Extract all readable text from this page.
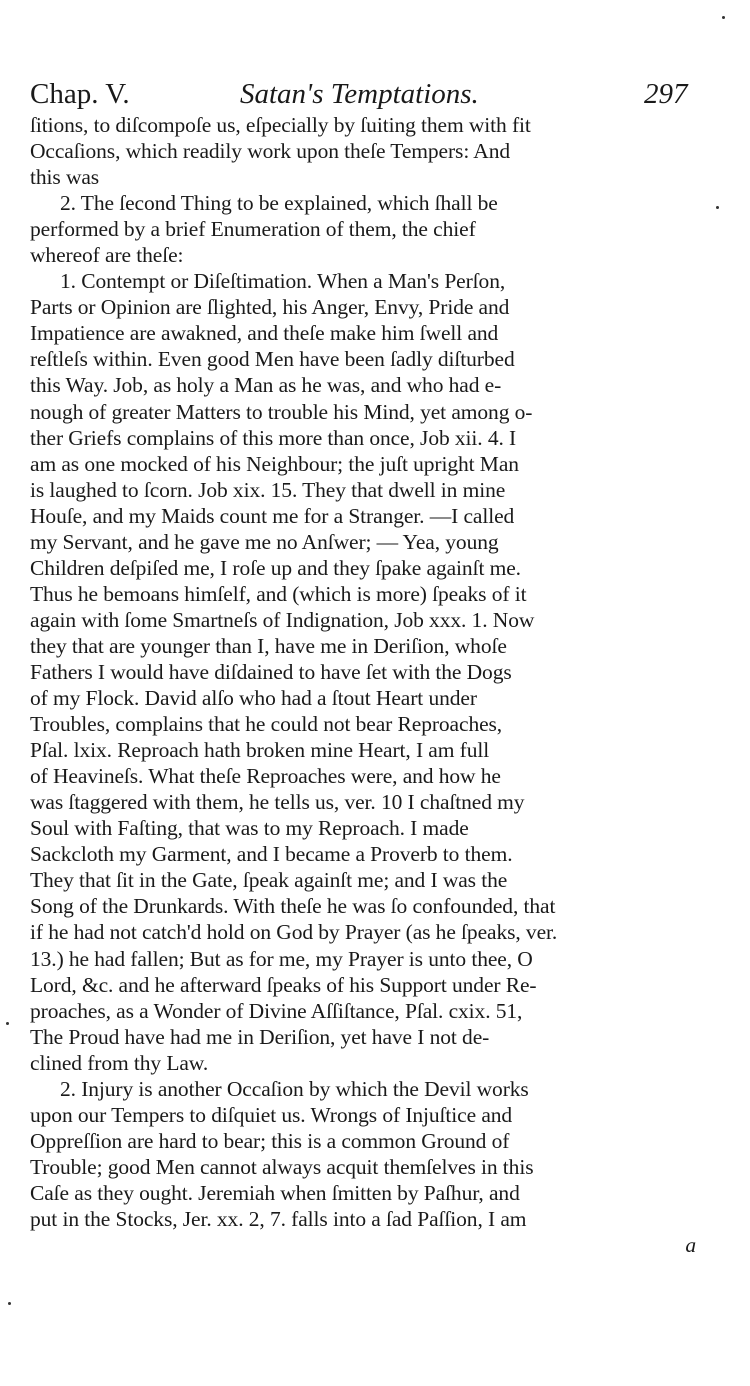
Chap. V.	Satan's Temptations.	297
ſitions, to diſcompoſe us, eſpecially by ſuiting them with fit
Occaſions, which readily work upon theſe Tempers: And
this was
2. The ſecond Thing to be explained, which ſhall be
performed by a brief Enumeration of them, the chief
whereof are theſe:
1. Contempt or Diſeſtimation. When a Man's Perſon,
Parts or Opinion are ſlighted, his Anger, Envy, Pride and
Impatience are awakned, and theſe make him ſwell and
reſtleſs within. Even good Men have been ſadly diſturbed
this Way. Job, as holy a Man as he was, and who had e-
nough of greater Matters to trouble his Mind, yet among o-
ther Griefs complains of this more than once, Job xii. 4. I
am as one mocked of his Neighbour; the juſt upright Man
is laughed to ſcorn. Job xix. 15. They that dwell in mine
Houſe, and my Maids count me for a Stranger. —I called
my Servant, and he gave me no Anſwer; — Yea, young
Children deſpiſed me, I roſe up and they ſpake againſt me.
Thus he bemoans himſelf, and (which is more) ſpeaks of it
again with ſome Smartneſs of Indignation, Job xxx. 1. Now
they that are younger than I, have me in Deriſion, whoſe
Fathers I would have diſdained to have ſet with the Dogs
of my Flock. David alſo who had a ſtout Heart under
Troubles, complains that he could not bear Reproaches,
Pſal. lxix. Reproach hath broken mine Heart, I am full
of Heavineſs. What theſe Reproaches were, and how he
was ſtaggered with them, he tells us, ver. 10 I chaſtned my
Soul with Faſting, that was to my Reproach. I made
Sackcloth my Garment, and I became a Proverb to them.
They that ſit in the Gate, ſpeak againſt me; and I was the
Song of the Drunkards. With theſe he was ſo confounded, that
if he had not catch'd hold on God by Prayer (as he ſpeaks, ver.
13.) he had fallen; But as for me, my Prayer is unto thee, O
Lord, &c. and he afterward ſpeaks of his Support under Re-
proaches, as a Wonder of Divine Aſſiſtance, Pſal. cxix. 51,
The Proud have had me in Deriſion, yet have I not de-
clined from thy Law.
2. Injury is another Occaſion by which the Devil works
upon our Tempers to diſquiet us. Wrongs of Injuſtice and
Oppreſſion are hard to bear; this is a common Ground of
Trouble; good Men cannot always acquit themſelves in this
Caſe as they ought. Jeremiah when ſmitten by Paſhur, and
put in the Stocks, Jer. xx. 2, 7. falls into a ſad Paſſion, I am
a
